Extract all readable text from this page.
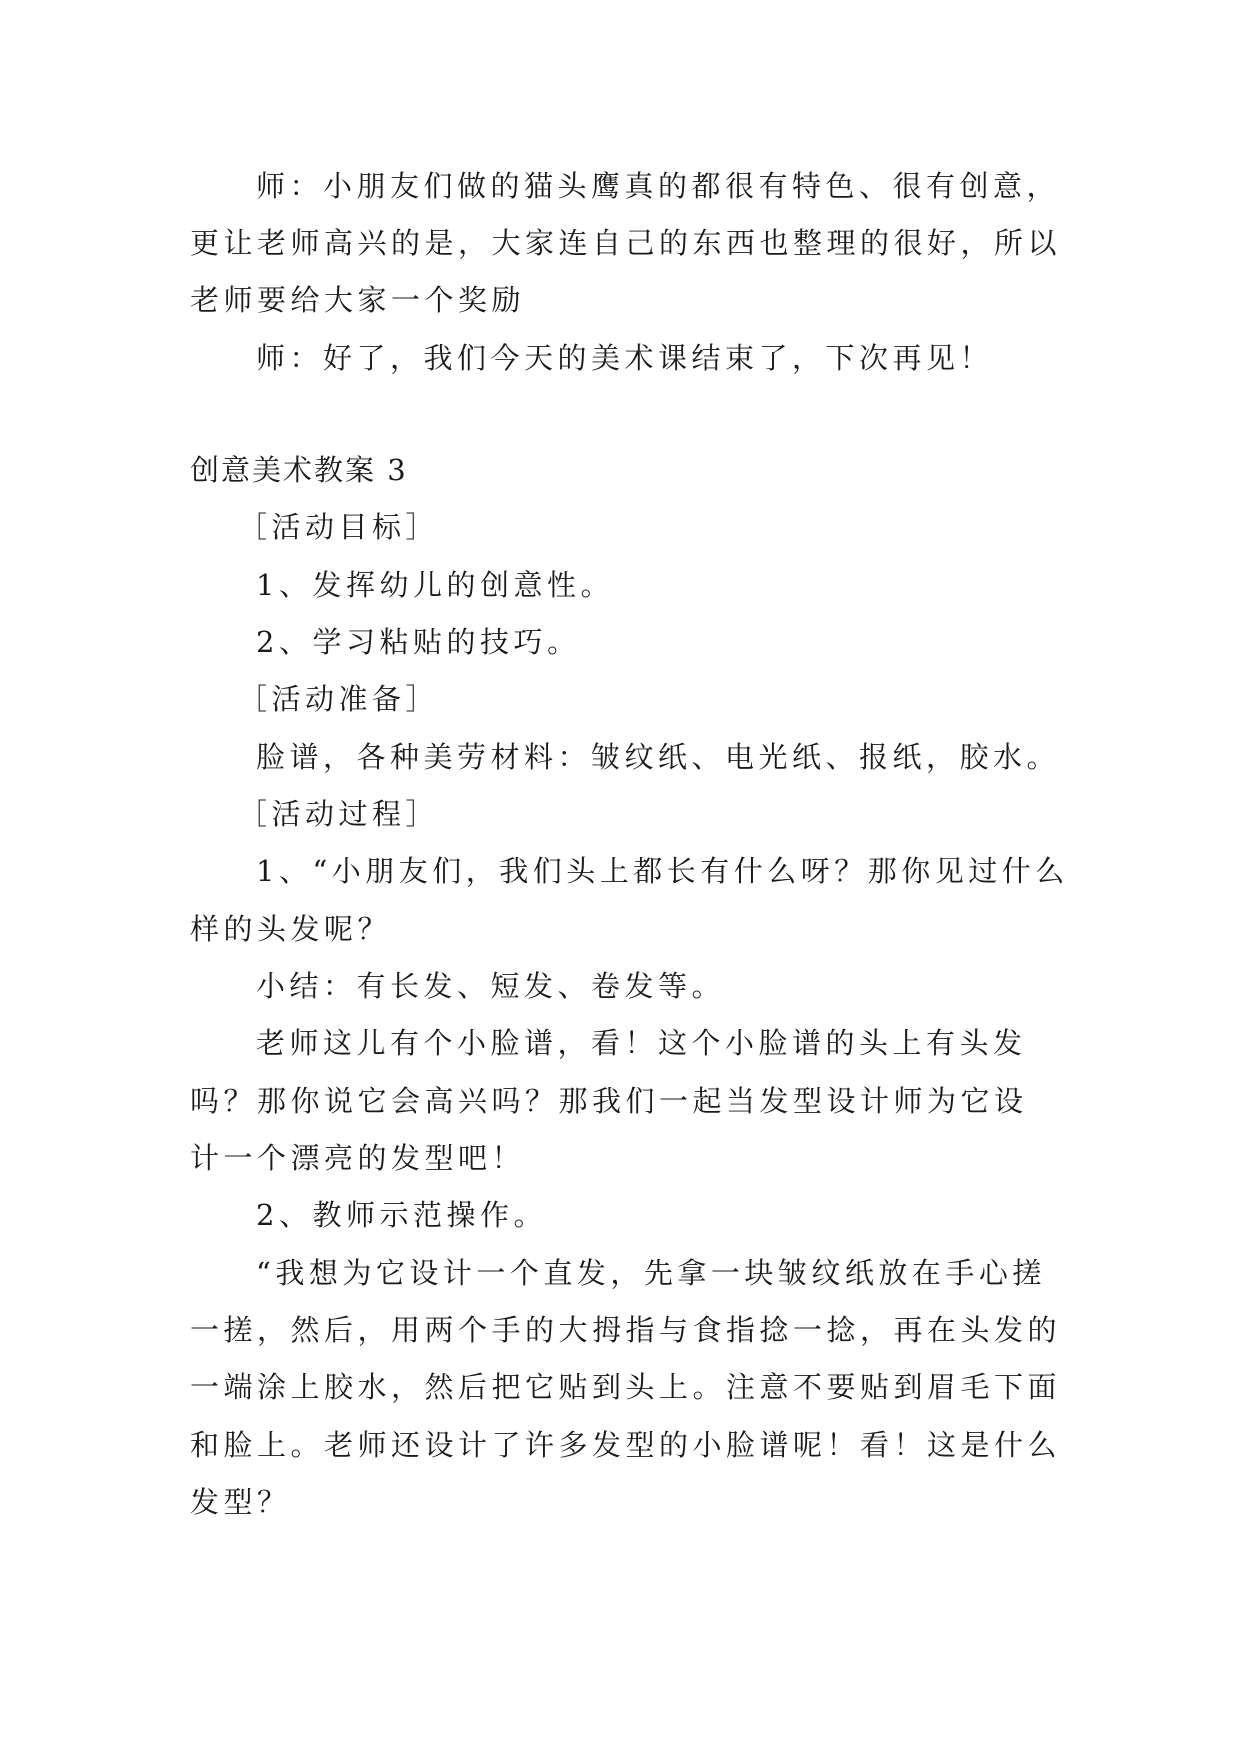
师：小朋友们做的猫头鹰真的都很有特色、很有创意，
更让老师高兴的是，大家连自己的东西也整理的很好，所以
老师要给大家一个奖励
师：好了，我们今天的美术课结束了，下次再见！
创意美术教案 3
［活动目标］
1、发挥幼儿的创意性。
2、学习粘贴的技巧。
［活动准备］
脸谱，各种美劳材料：皱纹纸、电光纸、报纸，胶水。
［活动过程］
1、“小朋友们，我们头上都长有什么呀？那你见过什么
样的头发呢？
小结：有长发、短发、卷发等。
老师这儿有个小脸谱，看！这个小脸谱的头上有头发
吗？那你说它会高兴吗？那我们一起当发型设计师为它设
计一个漂亮的发型吧！
2、教师示范操作。
“我想为它设计一个直发，先拿一块皱纹纸放在手心搓
一搓，然后，用两个手的大拇指与食指捻一捻，再在头发的
一端涂上胶水，然后把它贴到头上。注意不要贴到眉毛下面
和脸上。老师还设计了许多发型的小脸谱呢！看！这是什么
发型？
